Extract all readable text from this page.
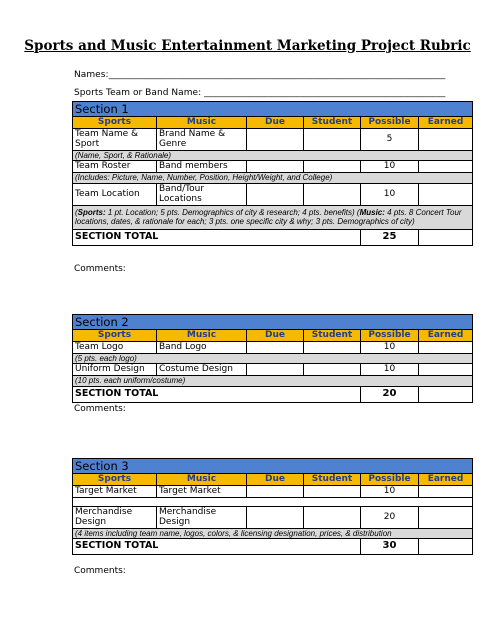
Sports and Music Entertainment Marketing Project Rubric
Names:__________________________________________________________________________
Sports Team or Band Name: _____________________________________________________
Section 1					
Sports	Music	Due	Student	Possible	Earned
Team Name & Sport	Brand Name & Genre			5	
(Name, Sport, & Rationale)					
Team Roster	Band members			10	
(Includes: Picture, Name, Number, Position, Height/Weight, and College)					
Team Location	Band/Tour Locations			10	
(Sports: 1 pt. Location; 5 pts. Demographics of city & research; 4 pts. benefits) (Music: 4 pts. 8 Concert Tour locations, dates, & rationale for each; 3 pts. one specific city & why; 3 pts. Demographics of city)					
SECTION TOTAL				25	
Comments:
Section 2					
Sports	Music	Due	Student	Possible	Earned
Team Logo	Band Logo			10	
(5 pts. each logo)					
Uniform Design	Costume Design			10	
(10 pts. each uniform/costume)					
SECTION TOTAL				20	
Comments:
Section 3					
Sports	Music	Due	Student	Possible	Earned
Target Market	Target Market			10	

Merchandise Design	Merchandise Design			20	
(4 items including team name, logos, colors, & licensing designation, prices, & distribution					
SECTION TOTAL				30	
Comments:
